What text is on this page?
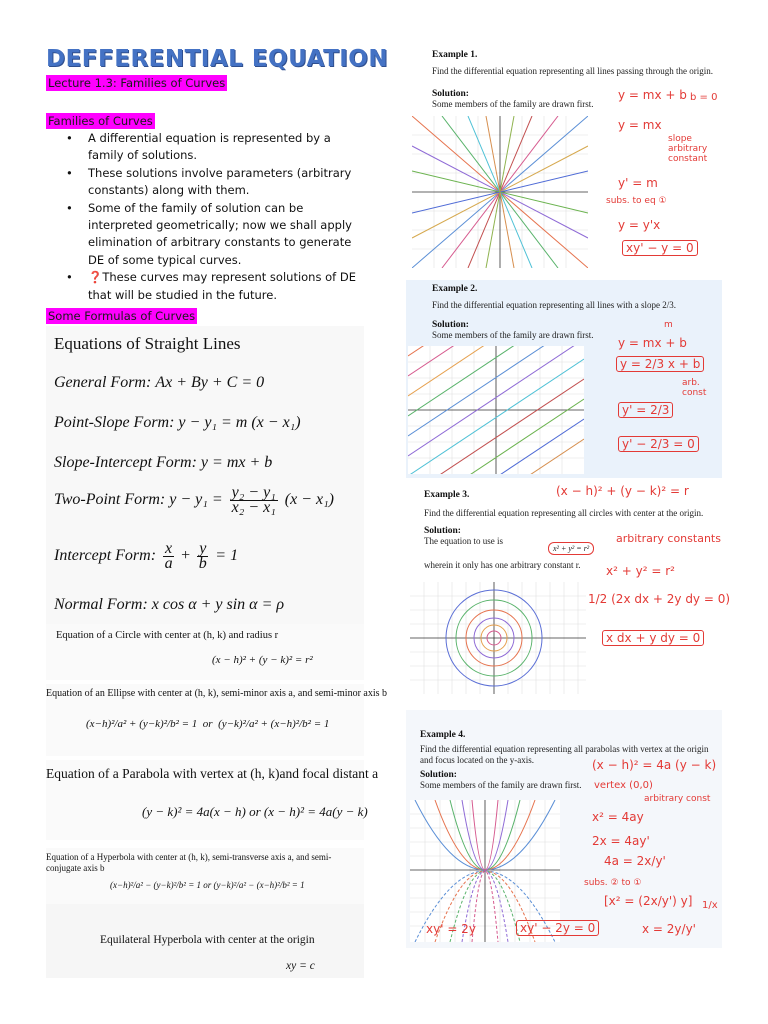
DEFFERENTIAL EQUATION
Lecture 1.3: Families of Curves
Families of Curves
• A differential equation is represented by a family of solutions.
• These solutions involve parameters (arbitrary constants) along with them.
• Some of the family of solution can be interpreted geometrically; now we shall apply elimination of arbitrary constants to generate DE of some typical curves.
• ❓These curves may represent solutions of DE that will be studied in the future.
Some Formulas of Curves
Equations of Straight Lines
General Form: Ax + By + C = 0
Point-Slope Form: y − y₁ = m (x − x₁)
Slope-Intercept Form: y = mx + b
Two-Point Form: $y - y_1 = \frac{\text{y₂ − y₁}}{\text{x₂ − x₁}} (x - x_1)$
Intercept Form: $\frac{x}{a} + \frac{y}{b} = 1$
Normal Form: x cos α + y sin α = ρ
Equation of a Circle with center at (h, k) and radius r
(x − h)² + (y − k)² = r²
Equation of an Ellipse with center at (h, k), semi-minor axis a, and semi-minor axis b
(x−h)²/a² + (y−k)²/b² = 1 or (y−k)²/a² + (x−h)²/b² = 1
Equation of a Parabola with vertex at (h, k)and focal distant a
(y − k)² = 4a(x − h) or (x − h)² = 4a(y − k)
Equation of a Hyperbola with center at (h, k), semi-transverse axis a, and semi-conjugate axis b
(x−h)²/a² − (y−k)²/b² = 1 or (y−k)²/a² − (x−h)²/b² = 1
Equilateral Hyperbola with center at the origin
xy = c
Example 1.
Find the differential equation representing all lines passing through the origin.
Solution:
Some members of the family are drawn first.
y = mx + b b = 0
y = mx
slope arbitrary constant
y' = m
subs. to eq ①
y = y'x
xy' − y = 0
Example 2.
Find the differential equation representing all lines with a slope 2/3.
Solution:
Some members of the family are drawn first.
m
y = mx + b
y = 2/3 x + b
arb. const
y' = 2/3
y' − 2/3 = 0
Example 3.
Find the differential equation representing all circles with center at the origin.
Solution:
The equation to use is
x² + y² = r²
wherein it only has one arbitrary constant r.
(x − h)² + (y − k)² = r
arbitrary constants
x² + y² = r²
1/2 (2x dx + 2y dy = 0)
x dx + y dy = 0
Example 4.
Find the differential equation representing all parabolas with vertex at the origin and focus located on the y-axis.
Solution:
Some members of the family are drawn first.
(x − h)² = 4a (y − k)
vertex (0,0)
arbitrary const
x² = 4ay
2x = 4ay'
4a = 2x/y'
subs. ② to ①
[x² = (2x/y') y] 1/x
x = 2y/y'
xy' = 2y	xy' − 2y = 0
